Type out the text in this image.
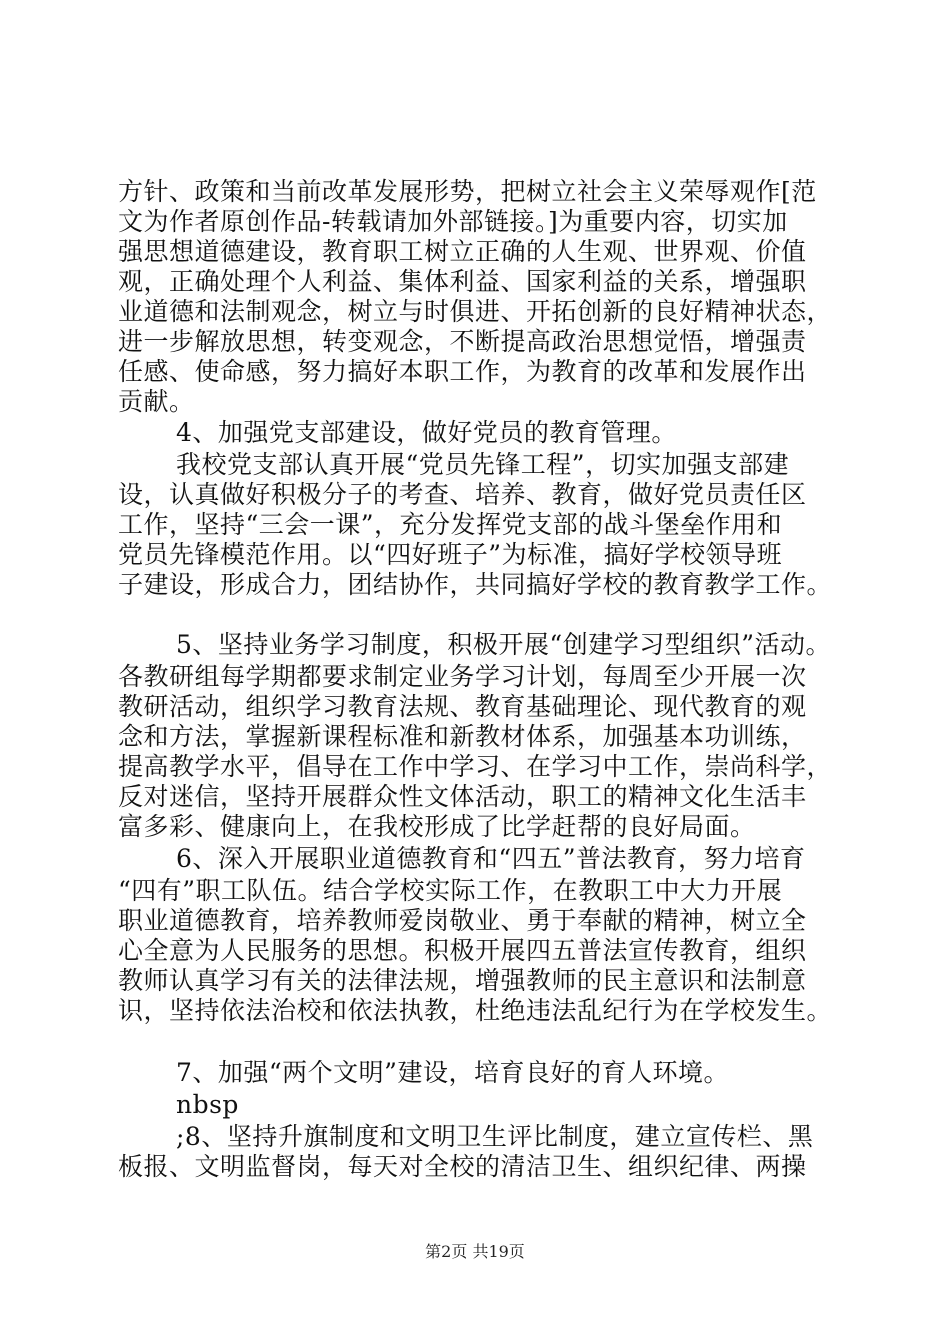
方针、政策和当前改革发展形势，把树立社会主义荣辱观作[范
文为作者原创作品-转载请加外部链接。]为重要内容，切实加
强思想道德建设，教育职工树立正确的人生观、世界观、价值
观，正确处理个人利益、集体利益、国家利益的关系，增强职
业道德和法制观念，树立与时俱进、开拓创新的良好精神状态，
进一步解放思想，转变观念，不断提高政治思想觉悟，增强责
任感、使命感，努力搞好本职工作，为教育的改革和发展作出
贡献。
4、加强党支部建设，做好党员的教育管理。
我校党支部认真开展“党员先锋工程”，切实加强支部建
设，认真做好积极分子的考查、培养、教育，做好党员责任区
工作，坚持“三会一课”，充分发挥党支部的战斗堡垒作用和
党员先锋模范作用。以“四好班子”为标准，搞好学校领导班
子建设，形成合力，团结协作，共同搞好学校的教育教学工作。
5、坚持业务学习制度，积极开展“创建学习型组织”活动。
各教研组每学期都要求制定业务学习计划，每周至少开展一次
教研活动，组织学习教育法规、教育基础理论、现代教育的观
念和方法，掌握新课程标准和新教材体系，加强基本功训练，
提高教学水平，倡导在工作中学习、在学习中工作，崇尚科学，
反对迷信，坚持开展群众性文体活动，职工的精神文化生活丰
富多彩、健康向上，在我校形成了比学赶帮的良好局面。
6、深入开展职业道德教育和“四五”普法教育，努力培育
“四有”职工队伍。结合学校实际工作，在教职工中大力开展
职业道德教育，培养教师爱岗敬业、勇于奉献的精神，树立全
心全意为人民服务的思想。积极开展四五普法宣传教育，组织
教师认真学习有关的法律法规，增强教师的民主意识和法制意
识，坚持依法治校和依法执教，杜绝违法乱纪行为在学校发生。
7、加强“两个文明”建设，培育良好的育人环境。
nbsp
;8、坚持升旗制度和文明卫生评比制度，建立宣传栏、黑
板报、文明监督岗，每天对全校的清洁卫生、组织纪律、两操
第2页 共19页
